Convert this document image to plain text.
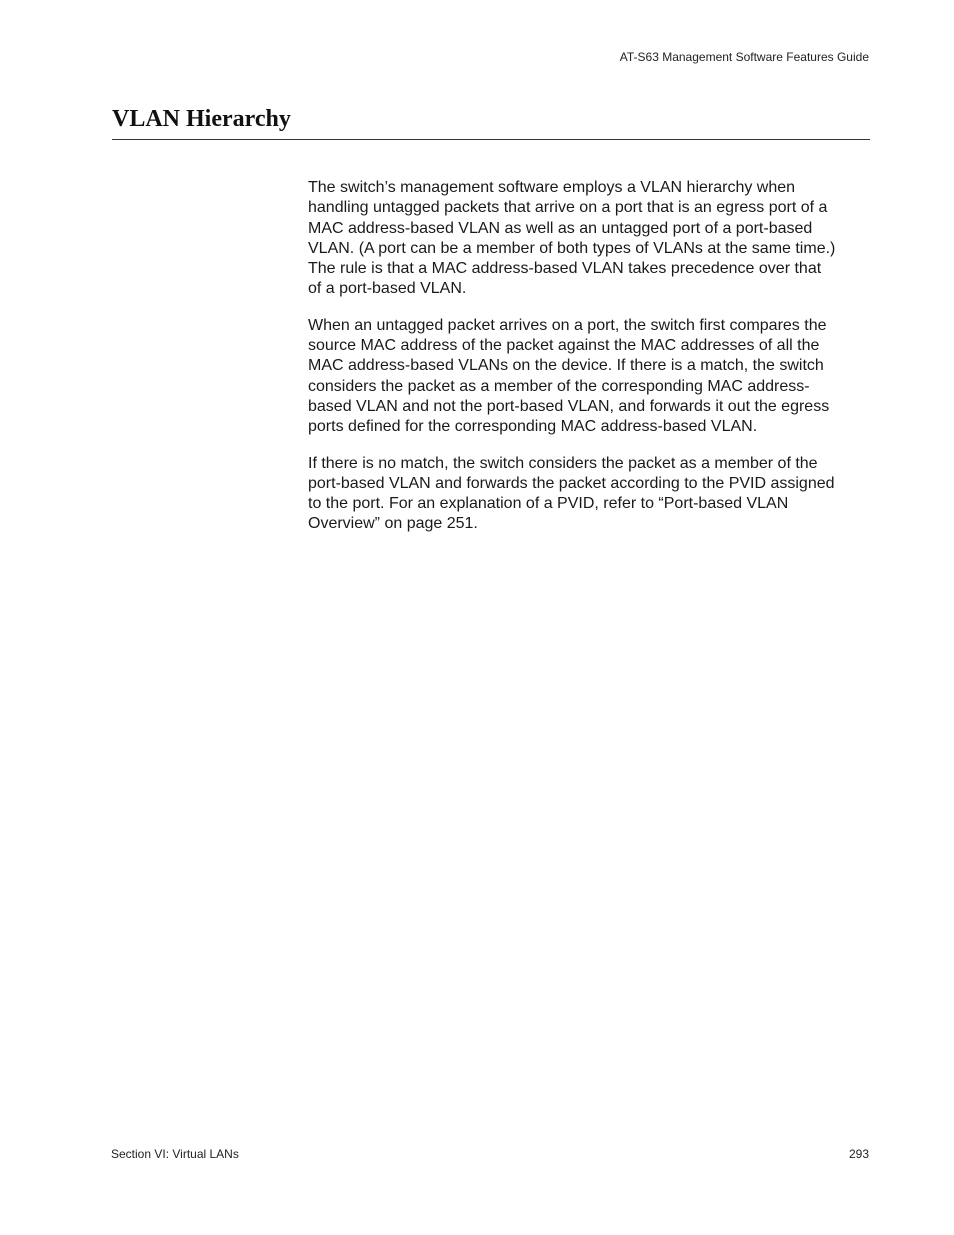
AT-S63 Management Software Features Guide
VLAN Hierarchy

The switch’s management software employs a VLAN hierarchy when
handling untagged packets that arrive on a port that is an egress port of a
MAC address-based VLAN as well as an untagged port of a port-based
VLAN. (A port can be a member of both types of VLANs at the same time.)
The rule is that a MAC address-based VLAN takes precedence over that
of a port-based VLAN.

When an untagged packet arrives on a port, the switch first compares the
source MAC address of the packet against the MAC addresses of all the
MAC address-based VLANs on the device. If there is a match, the switch
considers the packet as a member of the corresponding MAC address-
based VLAN and not the port-based VLAN, and forwards it out the egress
ports defined for the corresponding MAC address-based VLAN.

If there is no match, the switch considers the packet as a member of the
port-based VLAN and forwards the packet according to the PVID assigned
to the port. For an explanation of a PVID, refer to “Port-based VLAN
Overview” on page 251.

Section VI: Virtual LANs	293
